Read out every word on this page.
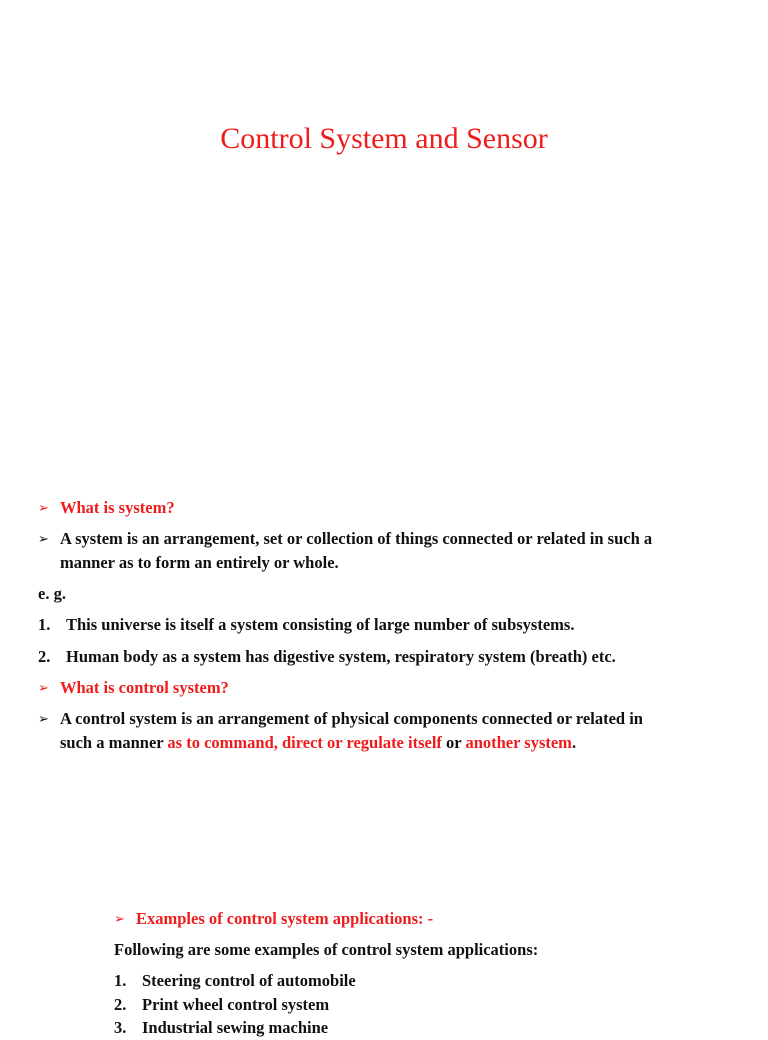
Control System and Sensor
➢ What is system?
➢ A system is an arrangement, set or collection of things connected or related in such a
manner as to form an entirely or whole.
e. g.
1. This universe is itself a system consisting of large number of subsystems.
2. Human body as a system has digestive system, respiratory system (breath) etc.
➢ What is control system?
➢ A control system is an arrangement of physical components connected or related in
such a manner as to command, direct or regulate itself or another system.
➢ Examples of control system applications: -
Following are some examples of control system applications:
1. Steering control of automobile
2. Print wheel control system
3. Industrial sewing machine
